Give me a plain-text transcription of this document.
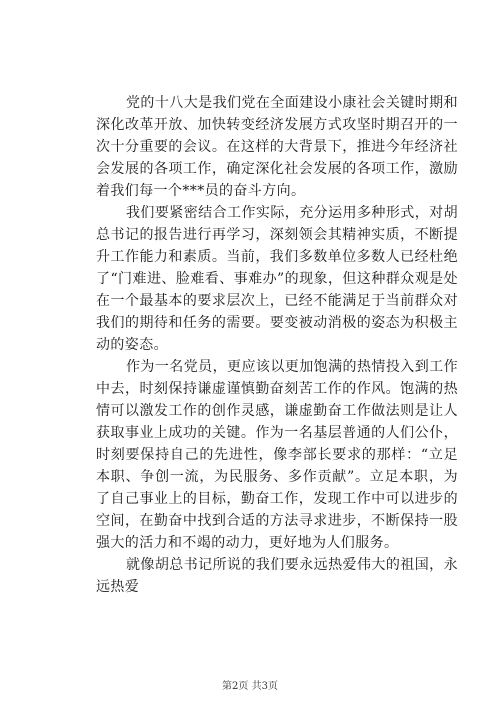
党的十八大是我们党在全面建设小康社会关键时期和深化改革开放、加快转变经济发展方式攻坚时期召开的一次十分重要的会议。在这样的大背景下，推进今年经济社会发展的各项工作，确定深化社会发展的各项工作，激励着我们每一个***员的奋斗方向。

我们要紧密结合工作实际，充分运用多种形式，对胡总书记的报告进行再学习，深刻领会其精神实质，不断提升工作能力和素质。当前，我们多数单位多数人已经杜绝了“门难进、脸难看、事难办”的现象，但这种群众观是处在一个最基本的要求层次上，已经不能满足于当前群众对我们的期待和任务的需要。要变被动消极的姿态为积极主动的姿态。

作为一名党员，更应该以更加饱满的热情投入到工作中去，时刻保持谦虚谨慎勤奋刻苦工作的作风。饱满的热情可以激发工作的创作灵感，谦虚勤奋工作做法则是让人获取事业上成功的关键。作为一名基层普通的人们公仆，时刻要保持自己的先进性，像李部长要求的那样：“立足本职、争创一流，为民服务、多作贡献”。立足本职，为了自己事业上的目标，勤奋工作，发现工作中可以进步的空间，在勤奋中找到合适的方法寻求进步，不断保持一股强大的活力和不竭的动力，更好地为人们服务。

就像胡总书记所说的我们要永远热爱伟大的祖国，永远热爱

第2页 共3页
